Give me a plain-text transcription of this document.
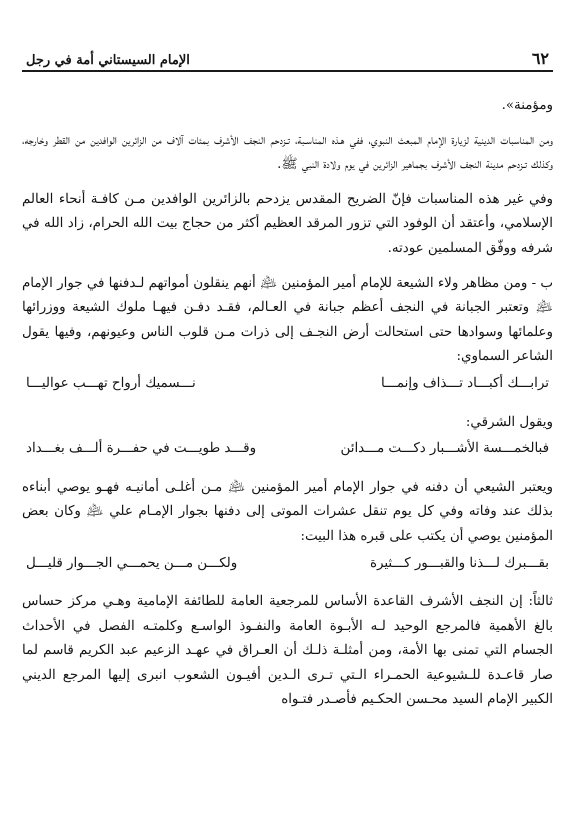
٦٢
الإمام السيستاني أمة في رجل

ومؤمنة».

ومن المناسبات الدينية لزيارة الإمام المبعث النبوي، ففي هـذه المناسـبة، تـزدحم النجف الأشرف بمئات آلاف من الزائرين الوافدين من القطر وخارجه، وكذلك تـزدحم مدينة النجف الأشرف بجماهير الزائرين في يوم ولادة النبي ﷺ.

وفي غير هذه المناسبات فإنّ الضريح المقدس يزدحم بالزائرين الوافدين مـن كافـة أنحاء العالم الإسلامي، وأعتقد أن الوفود التي تزور المرقد العظيم أكثر من حجاج بيت الله الحرام، زاد الله في شرفه ووفّق المسلمين عودته.

ب - ومن مظاهر ولاء الشيعة للإمام أمير المؤمنين ﵇ أنهم ينقلون أمواتهم لـدفنها في جوار الإمام ﵇ وتعتبر الجبانة في النجف أعظم جبانة في العـالم، فقـد دفـن فيهـا ملوك الشيعة ووزرائها وعلمائها وسوادها حتى استحالت أرض النجـف إلى ذرات مـن قلوب الناس وعيونهم، وفيها يقول الشاعر السماوي:

ترابـــك أكبـــاد تـــذاف وإنمـــا
نـــسميك أرواح تهـــب عواليـــا

ويقول الشرقي:

فبالخمـــسة الأشـــبار دكـــت مـــدائن
وقـــد طويـــت في حفـــرة ألـــف بغـــداد

ويعتبر الشيعي أن دفنه في جوار الإمام أمير المؤمنين ﵇ مـن أغلـى أمانيـه فهـو يوصي أبناءه بذلك عند وفاته وفي كل يوم تنقل عشرات الموتى إلى دفنها بجوار الإمـام علي ﵇ وكان بعض المؤمنين يوصي أن يكتب على قبره هذا البيت:

بقـــبرك لـــذنا والقبـــور كـــثيرة
ولكـــن مـــن يحمـــي الجـــوار قليـــل

ثالثاً: إن النجف الأشرف القاعدة الأساس للمرجعية العامة للطائفة الإمامية وهـي مركز حساس بالغ الأهمية فالمرجع الوحيد لـه الأبـوة العامة والنفـوذ الواسـع وكلمتـه الفصل في الأحداث الجسام التي تمنى بها الأمة، ومن أمثلـة ذلـك أن العـراق في عهـد الزعيم عبد الكريم قاسم لما صار قاعـدة للـشيوعية الحمـراء الـتي تـرى الـدين أفيـون الشعوب انبرى إليها المرجع الديني الكبير الإمام السيد محـسن الحكـيم فأصـدر فتـواه
